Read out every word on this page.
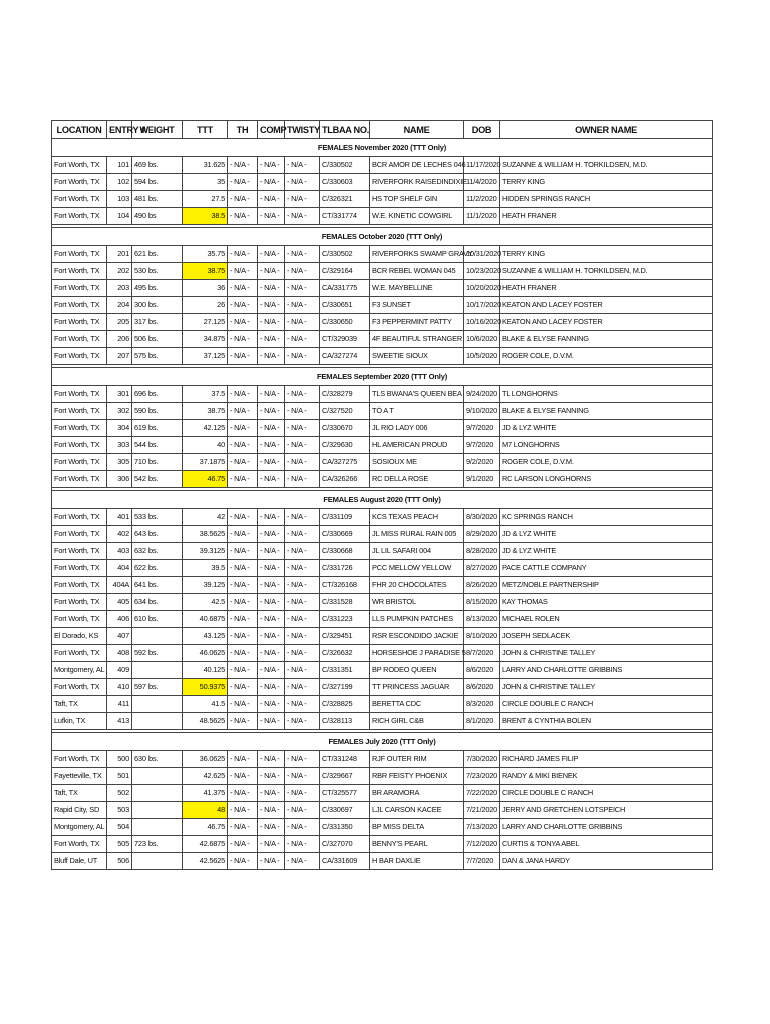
LOCATION	ENTRY #	WEIGHT	TTT	TH	COMP	TWISTY	TLBAA NO.	NAME	DOB	OWNER NAME
FEMALES November 2020 (TTT Only)										
Fort Worth, TX	101	469 lbs.	31.625	- N/A -	- N/A -	- N/A -	C/330502	BCR AMOR DE LECHES 046	11/17/2020	SUZANNE & WILLIAM H. TORKILDSEN, M.D.
Fort Worth, TX	102	594 lbs.	35	- N/A -	- N/A -	- N/A -	C/330603	RIVERFORK RAISEDINDIXIE	11/4/2020	TERRY KING
Fort Worth, TX	103	481 lbs.	27.5	- N/A -	- N/A -	- N/A -	C/326321	HS TOP SHELF GIN	11/2/2020	HIDDEN SPRINGS RANCH
Fort Worth, TX	104	490 lbs	38.5	- N/A -	- N/A -	- N/A -	CT/331774	W.E. KINETIC COWGIRL	11/1/2020	HEATH FRANER

FEMALES October 2020 (TTT Only)										
Fort Worth, TX	201	621 lbs.	35.75	- N/A -	- N/A -	- N/A -	C/330502	RIVERFORKS SWAMP GRAVY	10/31/2020	TERRY KING
Fort Worth, TX	202	530 lbs.	38.75	- N/A -	- N/A -	- N/A -	C/329164	BCR REBEL WOMAN 045	10/23/2020	SUZANNE & WILLIAM H. TORKILDSEN, M.D.
Fort Worth, TX	203	495 lbs.	36	- N/A -	- N/A -	- N/A -	CA/331775	W.E. MAYBELLINE	10/20/2020	HEATH FRANER
Fort Worth, TX	204	300 lbs.	26	- N/A -	- N/A -	- N/A -	C/330651	F3 SUNSET	10/17/2020	KEATON AND LACEY FOSTER
Fort Worth, TX	205	317 lbs.	27.125	- N/A -	- N/A -	- N/A -	C/330650	F3 PEPPERMINT PATTY	10/16/2020	KEATON AND LACEY FOSTER
Fort Worth, TX	206	506 lbs.	34.875	- N/A -	- N/A -	- N/A -	CT/329039	4F BEAUTIFUL STRANGER	10/6/2020	BLAKE & ELYSE FANNING
Fort Worth, TX	207	575 lbs.	37.125	- N/A -	- N/A -	- N/A -	CA/327274	SWEETIE SIOUX	10/5/2020	ROGER COLE, D.V.M.

FEMALES September 2020 (TTT Only)										
Fort Worth, TX	301	696 lbs.	37.5	- N/A -	- N/A -	- N/A -	C/328279	TLS BWANA'S QUEEN BEA	9/24/2020	TL LONGHORNS
Fort Worth, TX	302	590 lbs.	38.75	- N/A -	- N/A -	- N/A -	C/327520	TÖ A T	9/10/2020	BLAKE & ELYSE FANNING
Fort Worth, TX	304	619 lbs.	42.125	- N/A -	- N/A -	- N/A -	C/330670	JL RIO LADY 006	9/7/2020	JD & LYZ WHITE
Fort Worth, TX	303	544 lbs.	40	- N/A -	- N/A -	- N/A -	C/329630	HL AMERICAN PROUD	9/7/2020	M7 LONGHORNS
Fort Worth, TX	305	710 lbs.	37.1875	- N/A -	- N/A -	- N/A -	CA/327275	SOSIOUX ME	9/2/2020	ROGER COLE, D.V.M.
Fort Worth, TX	306	542 lbs.	46.75	- N/A -	- N/A -	- N/A -	CA/326266	RC DELLA ROSE	9/1/2020	RC LARSON LONGHORNS

FEMALES August 2020 (TTT Only)										
Fort Worth, TX	401	533 lbs.	42	- N/A -	- N/A -	- N/A -	C/331109	KCS TEXAS PEACH	8/30/2020	KC SPRINGS RANCH
Fort Worth, TX	402	643 lbs.	38.5625	- N/A -	- N/A -	- N/A -	C/330669	JL MISS RURAL RAIN 005	8/29/2020	JD & LYZ WHITE
Fort Worth, TX	403	632 lbs.	39.3125	- N/A -	- N/A -	- N/A -	C/330668	JL LIL SAFARI 004	8/28/2020	JD & LYZ WHITE
Fort Worth, TX	404	622 lbs.	39.5	- N/A -	- N/A -	- N/A -	C/331726	PCC MELLOW YELLOW	8/27/2020	PACE CATTLE COMPANY
Fort Worth, TX	404A	641 lbs.	39.125	- N/A -	- N/A -	- N/A -	CT/326168	FHR 20 CHOCOLATES	8/26/2020	METZ/NOBLE PARTNERSHIP
Fort Worth, TX	405	634 lbs.	42.5	- N/A -	- N/A -	- N/A -	C/331528	WR BRISTOL	8/15/2020	KAY THOMAS
Fort Worth, TX	406	610 lbs.	40.6875	- N/A -	- N/A -	- N/A -	C/331223	LLS PUMPKIN PATCHES	8/13/2020	MICHAEL ROLEN
El Dorado, KS	407		43.125	- N/A -	- N/A -	- N/A -	C/329451	RSR ESCONDIDO JACKIE	8/10/2020	JOSEPH SEDLACEK
Fort Worth, TX	408	592 lbs.	46.0625	- N/A -	- N/A -	- N/A -	C/326632	HORSESHOE J PARADISE 5	8/7/2020	JOHN & CHRISTINE TALLEY
Montgomery, AL	409		40.125	- N/A -	- N/A -	- N/A -	C/331351	BP RODEO QUEEN	8/6/2020	LARRY AND CHARLOTTE GRIBBINS
Fort Worth, TX	410	597 lbs.	50.9375	- N/A -	- N/A -	- N/A -	C/327199	TT PRINCESS JAGUAR	8/6/2020	JOHN & CHRISTINE TALLEY
Taft, TX	411		41.5	- N/A -	- N/A -	- N/A -	C/328825	BERETTA CDC	8/3/2020	CIRCLE DOUBLE C RANCH
Lufkin, TX	413		48.5625	- N/A -	- N/A -	- N/A -	C/328113	RICH GIRL C&B	8/1/2020	BRENT & CYNTHIA BOLEN

FEMALES July 2020 (TTT Only)										
Fort Worth, TX	500	630 lbs.	36.0625	- N/A -	- N/A -	- N/A -	CT/331248	RJF OUTER RIM	7/30/2020	RICHARD JAMES FILIP
Fayetteville, TX	501		42.625	- N/A -	- N/A -	- N/A -	C/329667	RBR FEISTY PHOENIX	7/23/2020	RANDY & MIKI BIENEK
Taft, TX	502		41.375	- N/A -	- N/A -	- N/A -	CT/325577	BR ARAMORA	7/22/2020	CIRCLE DOUBLE C RANCH
Rapid City, SD	503		48	- N/A -	- N/A -	- N/A -	C/330697	LJL CARSON KACEE	7/21/2020	JERRY AND GRETCHEN LOTSPEICH
Montgomery, AL	504		46.75	- N/A -	- N/A -	- N/A -	C/331350	BP MISS DELTA	7/13/2020	LARRY AND CHARLOTTE GRIBBINS
Fort Worth, TX	505	723 lbs.	42.6875	- N/A -	- N/A -	- N/A -	C/327070	BENNY'S PEARL	7/12/2020	CURTIS & TONYA ABEL
Bluff Dale, UT	506		42.5625	- N/A -	- N/A -	- N/A -	CA/331609	H BAR DAXLIE	7/7/2020	DAN & JANA HARDY
